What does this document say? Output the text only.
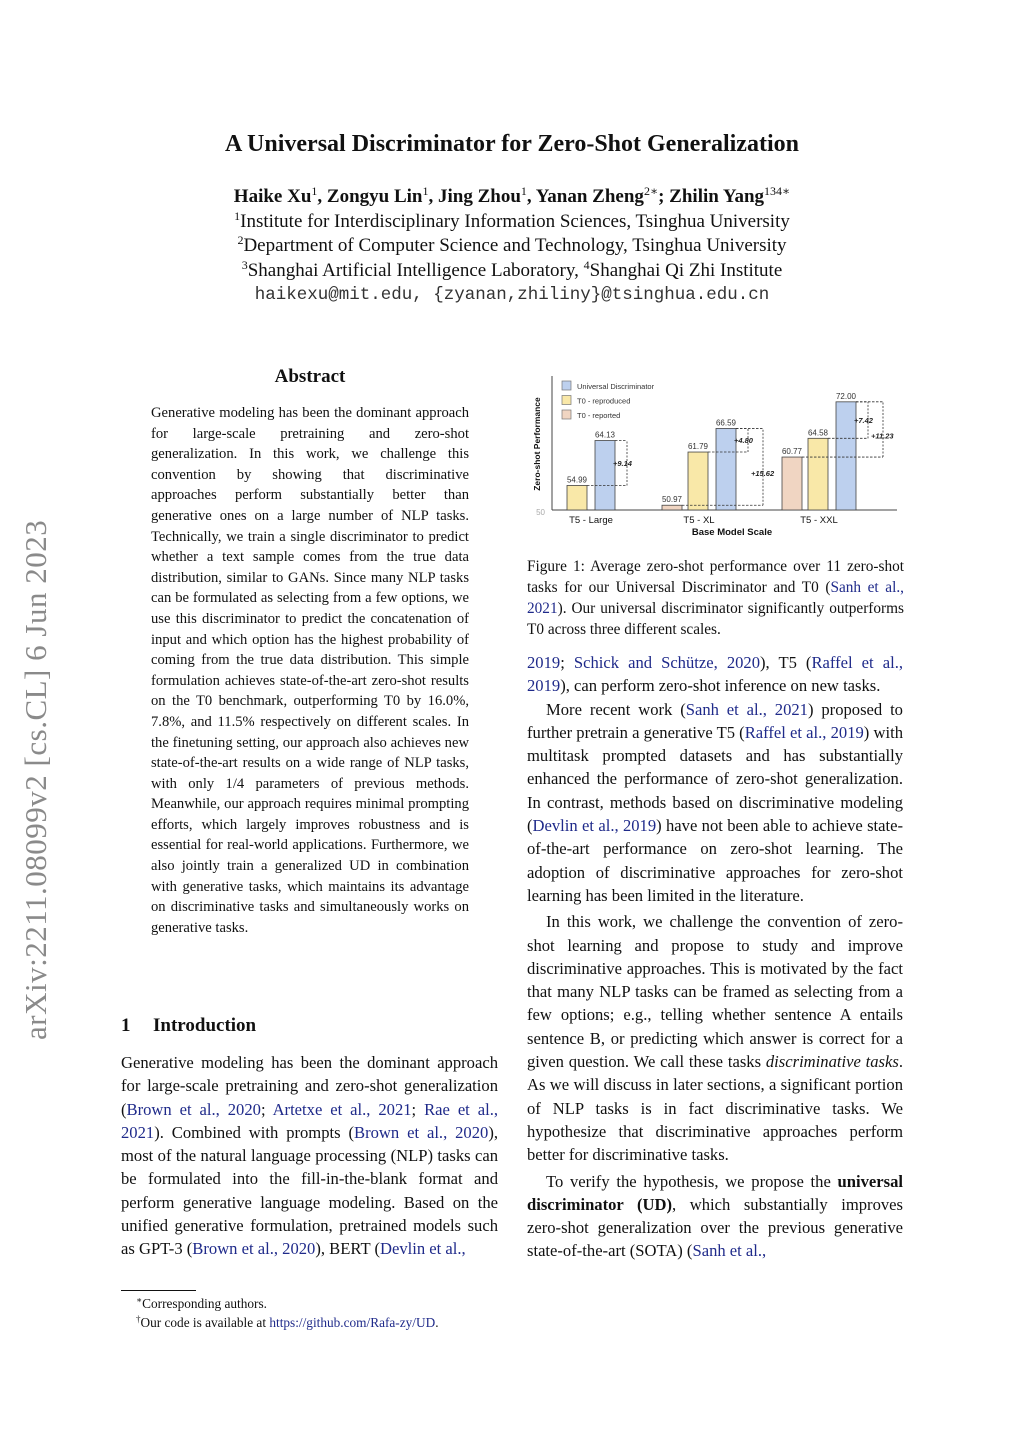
arXiv:2211.08099v2 [cs.CL] 6 Jun 2023
A Universal Discriminator for Zero-Shot Generalization
Haike Xu$^1$, Zongyu Lin$^1$, Jing Zhou$^1$, Yanan Zheng$^{2∗}$; Zhilin Yang$^{134∗}$
$^1$Institute for Interdisciplinary Information Sciences, Tsinghua University
$^2$Department of Computer Science and Technology, Tsinghua University
$^3$Shanghai Artificial Intelligence Laboratory, $^4$Shanghai Qi Zhi Institute
haikexu@mit.edu, {zyanan,zhiliny}@tsinghua.edu.cn
Abstract
Generative modeling has been the dominant approach for large-scale pretraining and zero-shot generalization. In this work, we challenge this convention by showing that discriminative approaches perform substantially better than generative ones on a large number of NLP tasks. Technically, we train a single discriminator to predict whether a text sample comes from the true data distribution, similar to GANs. Since many NLP tasks can be formulated as selecting from a few options, we use this discriminator to predict the concatenation of input and which option has the highest probability of coming from the true data distribution. This simple formulation achieves state-of-the-art zero-shot results on the T0 benchmark, outperforming T0 by 16.0%, 7.8%, and 11.5% respectively on different scales. In the finetuning setting, our approach also achieves new state-of-the-art results on a wide range of NLP tasks, with only 1/4 parameters of previous methods. Meanwhile, our approach requires minimal prompting efforts, which largely improves robustness and is essential for real-world applications. Furthermore, we also jointly train a generalized UD in combination with generative tasks, which maintains its advantage on discriminative tasks and simultaneously works on generative tasks.
1 Introduction

Generative modeling has been the dominant approach for large-scale pretraining and zero-shot generalization (Brown et al., 2020; Artetxe et al., 2021; Rae et al., 2021). Combined with prompts (Brown et al., 2020), most of the natural language processing (NLP) tasks can be formulated into the fill-in-the-blank format and perform generative language modeling. Based on the unified generative formulation, pretrained models such as GPT-3 (Brown et al., 2020), BERT (Devlin et al.,

∗Corresponding authors.
†Our code is available at https://github.com/Rafa-zy/UD.
50
Zero-shot Performance
Base Model Scale
Universal Discriminator
T0 - reproduced
T0 - reported
54.99
64.13
T5 - Large
50.97
61.79
66.59
T5 - XL
60.77
64.58
72.00
T5 - XXL
+9.14
+4.80
+15.62
+7.42
+11.23
Figure 1: Average zero-shot performance over 11 zero-shot tasks for our Universal Discriminator and T0 (Sanh et al., 2021). Our universal discriminator significantly outperforms T0 across three different scales.

2019; Schick and Schütze, 2020), T5 (Raffel et al., 2019), can perform zero-shot inference on new tasks.

More recent work (Sanh et al., 2021) proposed to further pretrain a generative T5 (Raffel et al., 2019) with multitask prompted datasets and has substantially enhanced the performance of zero-shot generalization. In contrast, methods based on discriminative modeling (Devlin et al., 2019) have not been able to achieve state-of-the-art performance on zero-shot learning. The adoption of discriminative approaches for zero-shot learning has been limited in the literature.

In this work, we challenge the convention of zero-shot learning and propose to study and improve discriminative approaches. This is motivated by the fact that many NLP tasks can be framed as selecting from a few options; e.g., telling whether sentence A entails sentence B, or predicting which answer is correct for a given question. We call these tasks discriminative tasks. As we will discuss in later sections, a significant portion of NLP tasks is in fact discriminative tasks. We hypothesize that discriminative approaches perform better for discriminative tasks.

To verify the hypothesis, we propose the universal discriminator (UD), which substantially improves zero-shot generalization over the previous generative state-of-the-art (SOTA) (Sanh et al.,
